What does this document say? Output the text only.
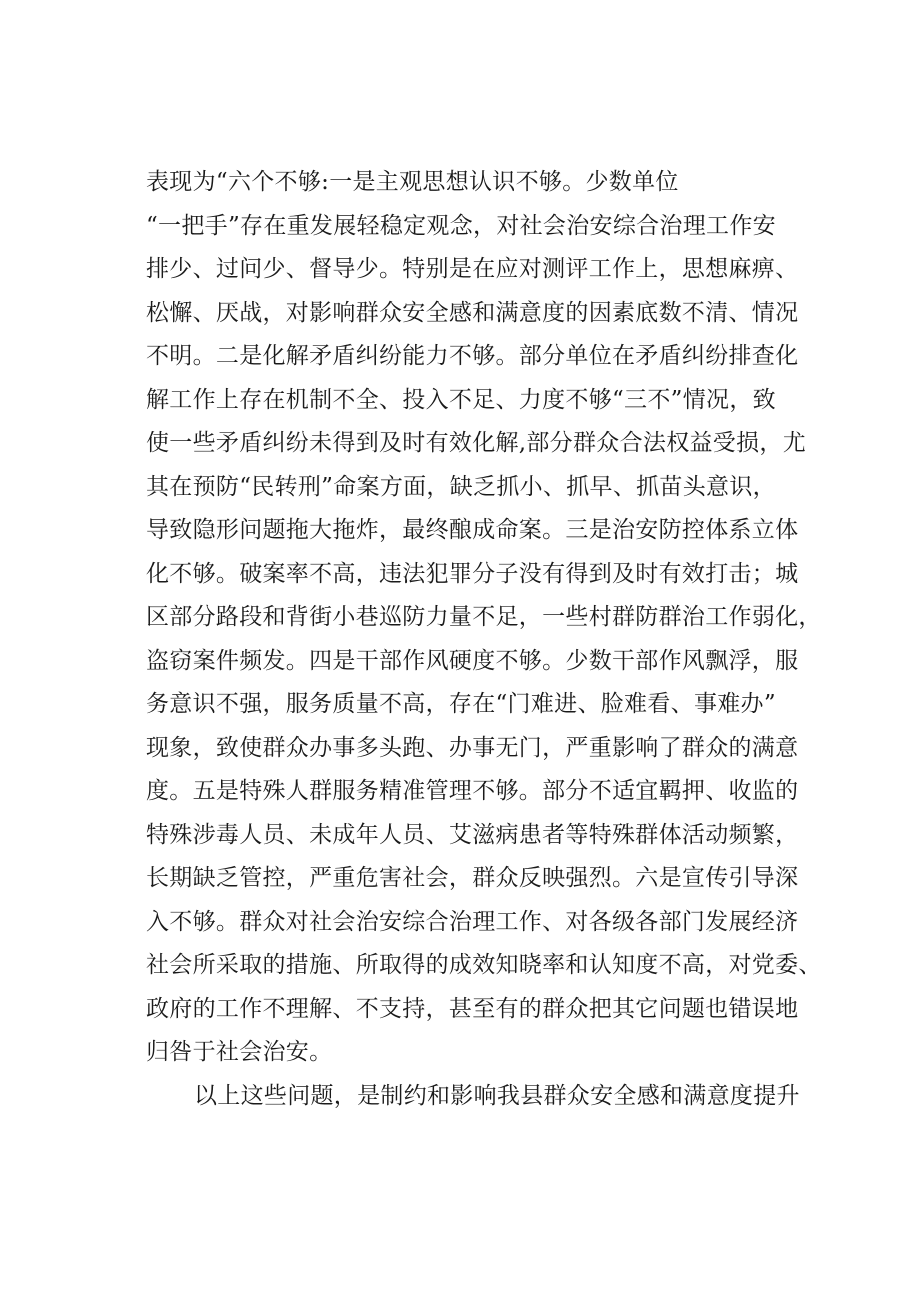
表现为“六个不够:一是主观思想认识不够。少数单位
“一把手”存在重发展轻稳定观念，对社会治安综合治理工作安
排少、过问少、督导少。特别是在应对测评工作上，思想麻痹、
松懈、厌战，对影响群众安全感和满意度的因素底数不清、情况
不明。二是化解矛盾纠纷能力不够。部分单位在矛盾纠纷排查化
解工作上存在机制不全、投入不足、力度不够“三不”情况，致
使一些矛盾纠纷未得到及时有效化解,部分群众合法权益受损，尤
其在预防“民转刑”命案方面，缺乏抓小、抓早、抓苗头意识，
导致隐形问题拖大拖炸，最终酿成命案。三是治安防控体系立体
化不够。破案率不高，违法犯罪分子没有得到及时有效打击；城
区部分路段和背街小巷巡防力量不足，一些村群防群治工作弱化，
盗窃案件频发。四是干部作风硬度不够。少数干部作风飘浮，服
务意识不强，服务质量不高，存在“门难进、脸难看、事难办”
现象，致使群众办事多头跑、办事无门，严重影响了群众的满意
度。五是特殊人群服务精准管理不够。部分不适宜羁押、收监的
特殊涉毒人员、未成年人员、艾滋病患者等特殊群体活动频繁，
长期缺乏管控，严重危害社会，群众反映强烈。六是宣传引导深
入不够。群众对社会治安综合治理工作、对各级各部门发展经济
社会所采取的措施、所取得的成效知晓率和认知度不高，对党委、
政府的工作不理解、不支持，甚至有的群众把其它问题也错误地
归咎于社会治安。
以上这些问题，是制约和影响我县群众安全感和满意度提升
